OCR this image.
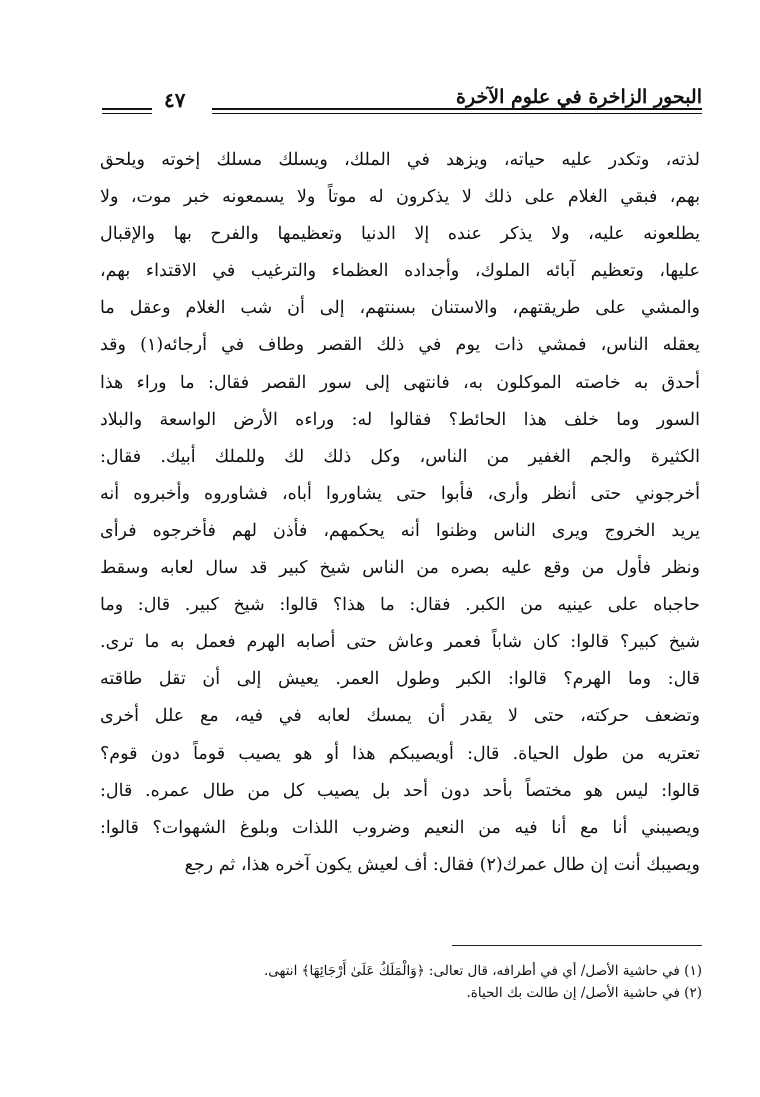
البحور الزاخرة في علوم الآخرة
٤٧
لذته، وتكدر عليه حياته، ويزهد في الملك، ويسلك مسلك إخوته ويلحق
بهم، فبقي الغلام على ذلك لا يذكرون له موتاً ولا يسمعونه خبر موت، ولا
يطلعونه عليه، ولا يذكر عنده إلا الدنيا وتعظيمها والفرح بها والإقبال
عليها، وتعظيم آبائه الملوك، وأجداده العظماء والترغيب في الاقتداء بهم،
والمشي على طريقتهم، والاستنان بسنتهم، إلى أن شب الغلام وعقل ما
يعقله الناس، فمشي ذات يوم في ذلك القصر وطاف في أرجائه(١) وقد
أحدق به خاصته الموكلون به، فانتهى إلى سور القصر فقال: ما وراء هذا
السور وما خلف هذا الحائط؟ فقالوا له: وراءه الأرض الواسعة والبلاد
الكثيرة والجم الغفير من الناس، وكل ذلك لك وللملك أبيك. فقال:
أخرجوني حتى أنظر وأرى، فأبوا حتى يشاوروا أباه، فشاوروه وأخبروه أنه
يريد الخروج ويرى الناس وظنوا أنه يحكمهم، فأذن لهم فأخرجوه فرأى
ونظر فأول من وقع عليه بصره من الناس شيخ كبير قد سال لعابه وسقط
حاجباه على عينيه من الكبر. فقال: ما هذا؟ قالوا: شيخ كبير. قال: وما
شيخ كبير؟ قالوا: كان شاباً فعمر وعاش حتى أصابه الهرم فعمل به ما ترى.
قال: وما الهرم؟ قالوا: الكبر وطول العمر. يعيش إلى أن تقل طاقته
وتضعف حركته، حتى لا يقدر أن يمسك لعابه في فيه، مع علل أخرى
تعتريه من طول الحياة. قال: أويصيبكم هذا أو هو يصيب قوماً دون قوم؟
قالوا: ليس هو مختصاً بأحد دون أحد بل يصيب كل من طال عمره. قال:
ويصيبني أنا مع أنا فيه من النعيم وضروب اللذات وبلوغ الشهوات؟ قالوا:
ويصيبك أنت إن طال عمرك(٢) فقال: أف لعيش يكون آخره هذا، ثم رجع
(١) في حاشية الأصل/ أي في أطرافه، قال تعالى: ﴿وَالْمَلَكُ عَلَىٰ أَرْجَائِهَا﴾ انتهى.
(٢) في حاشية الأصل/ إن طالت بك الحياة.
